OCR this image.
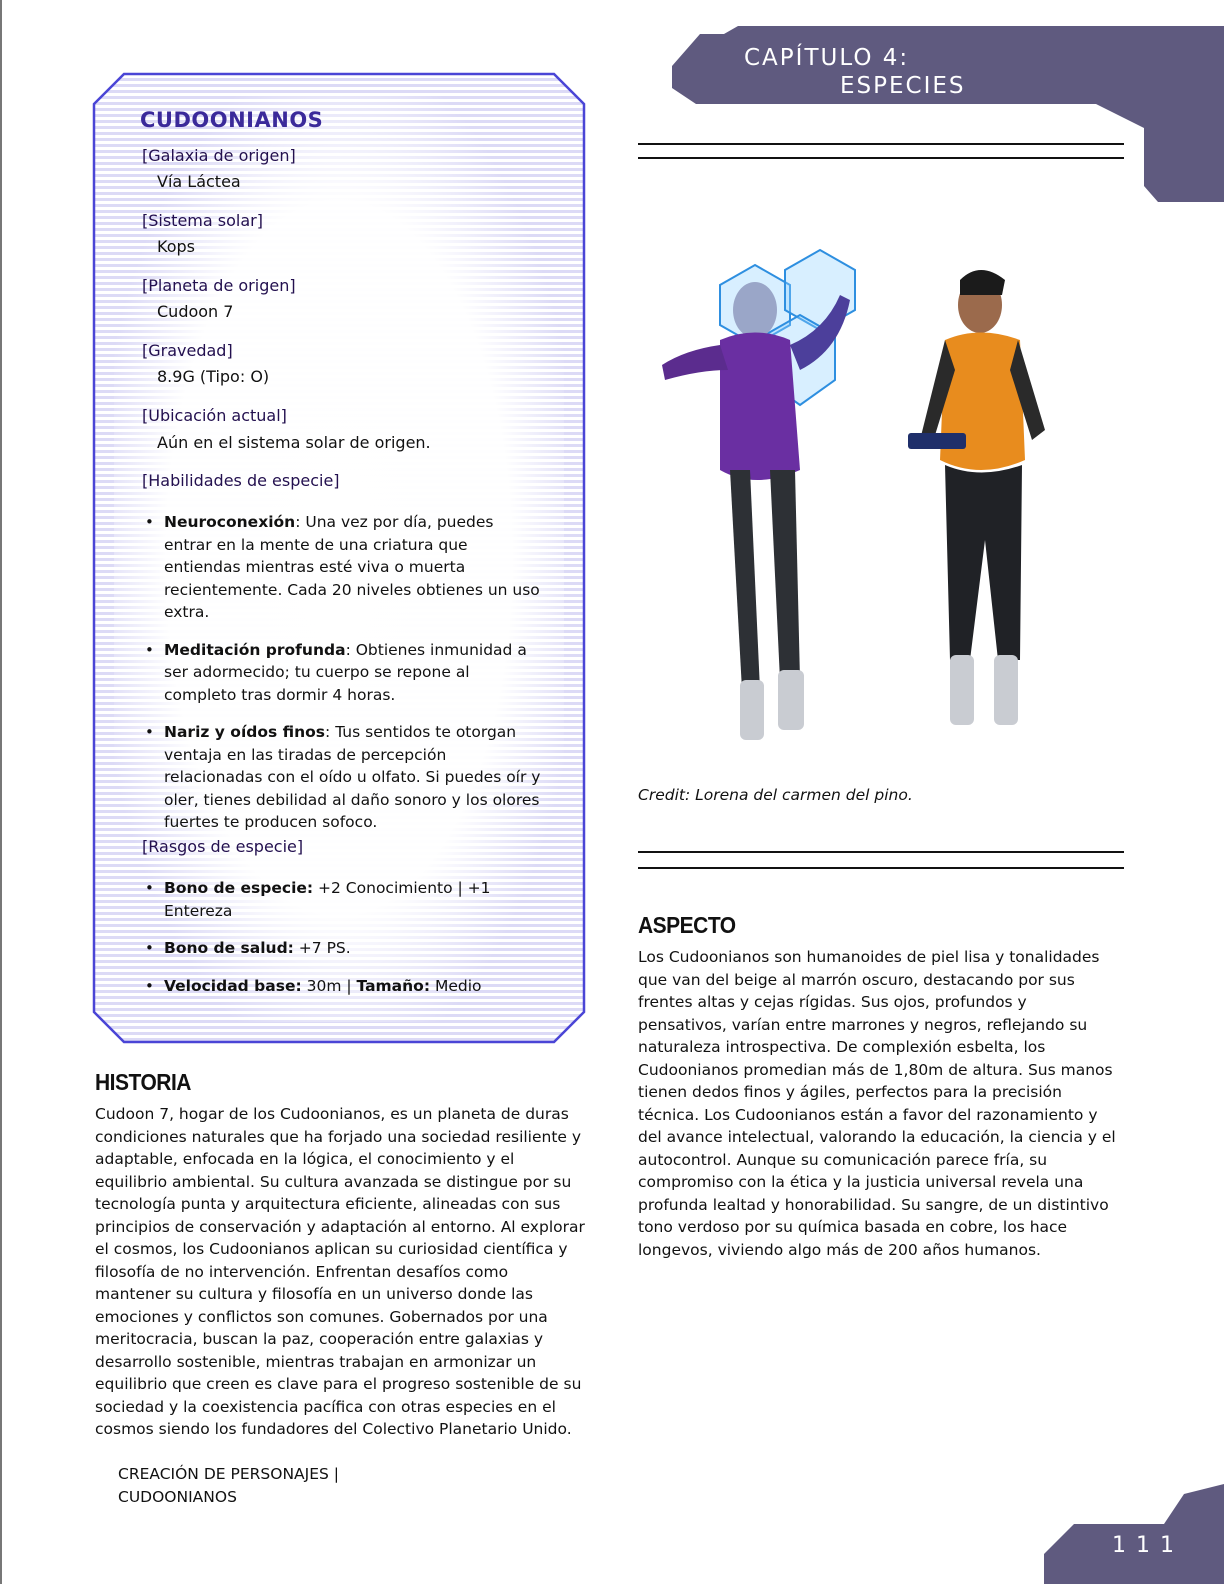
CAPÍTULO 4:
ESPECIES
CUDOONIANOS
[Galaxia de origen]
Vía Láctea
[Sistema solar]
Kops
[Planeta de origen]
Cudoon 7
[Gravedad]
8.9G (Tipo: O)
[Ubicación actual]
Aún en el sistema solar de origen.
[Habilidades de especie]
• Neuroconexión: Una vez por día, puedes entrar en la mente de una criatura que entiendas mientras esté viva o muerta recientemente. Cada 20 niveles obtienes un uso extra.
• Meditación profunda: Obtienes inmunidad a ser adormecido; tu cuerpo se repone al completo tras dormir 4 horas.
• Nariz y oídos finos: Tus sentidos te otorgan ventaja en las tiradas de percepción relacionadas con el oído u olfato. Si puedes oír y oler, tienes debilidad al daño sonoro y los olores fuertes te producen sofoco.
[Rasgos de especie]
• Bono de especie: +2 Conocimiento | +1 Entereza
• Bono de salud: +7 PS.
• Velocidad base: 30m | Tamaño: Medio
HISTORIA

Cudoon 7, hogar de los Cudoonianos, es un planeta de duras condiciones naturales que ha forjado una sociedad resiliente y adaptable, enfocada en la lógica, el conocimiento y el equilibrio ambiental. Su cultura avanzada se distingue por su tecnología punta y arquitectura eficiente, alineadas con sus principios de conservación y adaptación al entorno. Al explorar el cosmos, los Cudoonianos aplican su curiosidad científica y filosofía de no intervención. Enfrentan desafíos como mantener su cultura y filosofía en un universo donde las emociones y conflictos son comunes. Gobernados por una meritocracia, buscan la paz, cooperación entre galaxias y desarrollo sostenible, mientras trabajan en armonizar un equilibrio que creen es clave para el progreso sostenible de su sociedad y la coexistencia pacífica con otras especies en el cosmos siendo los fundadores del Colectivo Planetario Unido.

Credit: Lorena del carmen del pino.
ASPECTO

Los Cudoonianos son humanoides de piel lisa y tonalidades que van del beige al marrón oscuro, destacando por sus frentes altas y cejas rígidas. Sus ojos, profundos y pensativos, varían entre marrones y negros, reflejando su naturaleza introspectiva. De complexión esbelta, los Cudoonianos promedian más de 1,80m de altura. Sus manos tienen dedos finos y ágiles, perfectos para la precisión técnica. Los Cudoonianos están a favor del razonamiento y del avance intelectual, valorando la educación, la ciencia y el autocontrol. Aunque su comunicación parece fría, su compromiso con la ética y la justicia universal revela una profunda lealtad y honorabilidad. Su sangre, de un distintivo tono verdoso por su química basada en cobre, los hace longevos, viviendo algo más de 200 años humanos.

CREACIÓN DE PERSONAJES |
CUDOONIANOS
111
